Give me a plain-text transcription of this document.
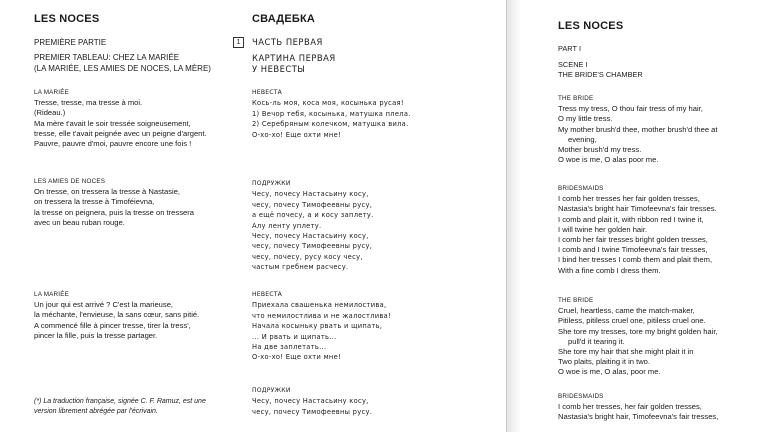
LES NOCES
PREMIÈRE PARTIE
PREMIER TABLEAU: CHEZ LA MARIÉE
(LA MARIÉE, LES AMIES DE NOCES, LA MÈRE)
LA MARIÉE
Tresse, tresse, ma tresse à moi.
(Rideau.)
Ma mère t'avait le soir tressée soigneusement,
tresse, elle t'avait peignée avec un peigne d'argent.
Pauvre, pauvre d'moi, pauvre encore une fois !
LES AMIES DE NOCES
On tresse, on tressera la tresse à Nastasie,
on tressera la tresse à Timoféievna,
la tresse on peignera, puis la tresse on tressera
avec un beau ruban rouge.
LA MARIÉE
Un jour qui est arrivé ? C'est la marieuse,
la méchante, l'envieuse, la sans cœur, sans pitié.
A commencé fille à pincer tresse, tirer la tress',
pincer la fille, puis la tresse partager.
(*) La traduction française, signée C. F. Ramuz, est une
version librement abrégée par l'écrivain.
1
СВАДЕБКА
ЧАСТЬ ПЕРВАЯ
КАРТИНА ПЕРВАЯ
У НЕВЕСТЫ
НЕВЕСТА
Кось-ль моя, коса моя, косынька русая!
1) Вечор тебя, косынька, матушка плела.
2) Серебряным колечком, матушка вила.
О-хо-хо! Еще охти мне!
ПОДРУЖКИ
Чесу, почесу Настасьину косу,
чесу, почесу Тимофеевны русу,
а ещё почесу, а и косу заплету.
Алу ленту уплету.
Чесу, почесу Настасьину косу,
чесу, почесу Тимофеевны русу,
чесу, почесу, русу косу чесу,
частым гребнем расчесу.
НЕВЕСТА
Приехала свашенька немилостива,
что немилостлива и не жалостлива!
Начала косыньку рвать и щипать,
... И рвать и щипать...
На две заплетать...
О-хо-хо! Еще охти мне!
ПОДРУЖКИ
Чесу, почесу Настасьину косу,
чесу, почесу Тимофеевны русу.
LES NOCES
PART I
SCENE I
THE BRIDE'S CHAMBER
THE BRIDE
Tress my tress, O thou fair tress of my hair,
O my little tress.
My mother brush'd thee, mother brush'd thee at
evening,
Mother brush'd my tress.
O woe is me, O alas poor me.
BRIDESMAIDS
I comb her tresses her fair golden tresses,
Nastasia's bright hair Timofeevna's fair tresses.
I comb and plait it, with ribbon red I twine it,
I will twine her golden hair.
I comb her fair tresses bright golden tresses,
I comb and I twine Timofeevna's fair tresses,
I bind her tresses I comb them and plait them,
With a fine comb I dress them.
THE BRIDE
Cruel, heartless, came the match-maker,
Pitiless, pitiless cruel one, pitiless cruel one.
She tore my tresses, tore my bright golden hair,
pull'd it tearing it.
She tore my hair that she might plait it in
Two plaits, plaiting it in two.
O woe is me, O alas, poor me.
BRIDESMAIDS
I comb her tresses, her fair golden tresses,
Nastasia's bright hair, Timofeevna's fair tresses,
